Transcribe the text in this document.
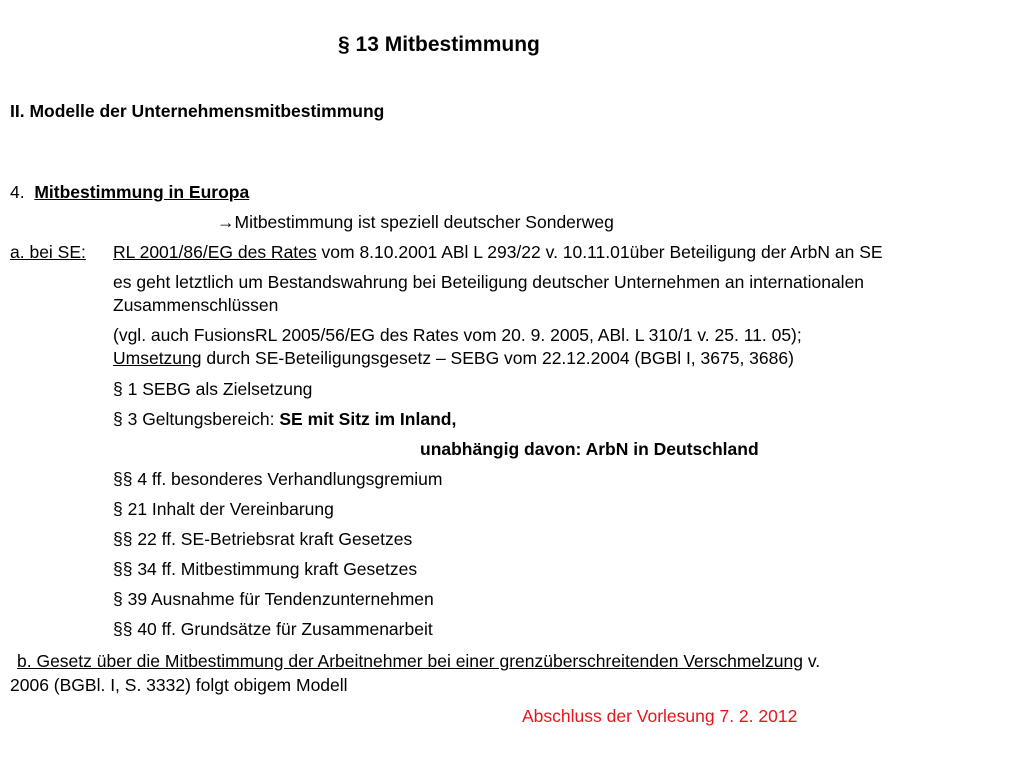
§ 13 Mitbestimmung
II. Modelle der Unternehmensmitbestimmung
4. Mitbestimmung in Europa
→Mitbestimmung ist speziell deutscher Sonderweg
a. bei SE: RL 2001/86/EG des Rates vom 8.10.2001 ABl L 293/22 v. 10.11.01über Beteiligung der ArbN an SE
es geht letztlich um Bestandswahrung bei Beteiligung deutscher Unternehmen an internationalen
Zusammenschlüssen
(vgl. auch FusionsRL 2005/56/EG des Rates vom 20. 9. 2005, ABl. L 310/1 v. 25. 11. 05);
Umsetzung durch SE-Beteiligungsgesetz – SEBG vom 22.12.2004 (BGBl I, 3675, 3686)
§ 1 SEBG als Zielsetzung
§ 3 Geltungsbereich: SE mit Sitz im Inland,
unabhängig davon: ArbN in Deutschland
§§ 4 ff. besonderes Verhandlungsgremium
§ 21 Inhalt der Vereinbarung
§§ 22 ff. SE-Betriebsrat kraft Gesetzes
§§ 34 ff. Mitbestimmung kraft Gesetzes
§ 39 Ausnahme für Tendenzunternehmen
§§ 40 ff. Grundsätze für Zusammenarbeit
b. Gesetz über die Mitbestimmung der Arbeitnehmer bei einer grenzüberschreitenden Verschmelzung v.
2006 (BGBl. I, S. 3332) folgt obigem Modell
Abschluss der Vorlesung 7. 2. 2012
